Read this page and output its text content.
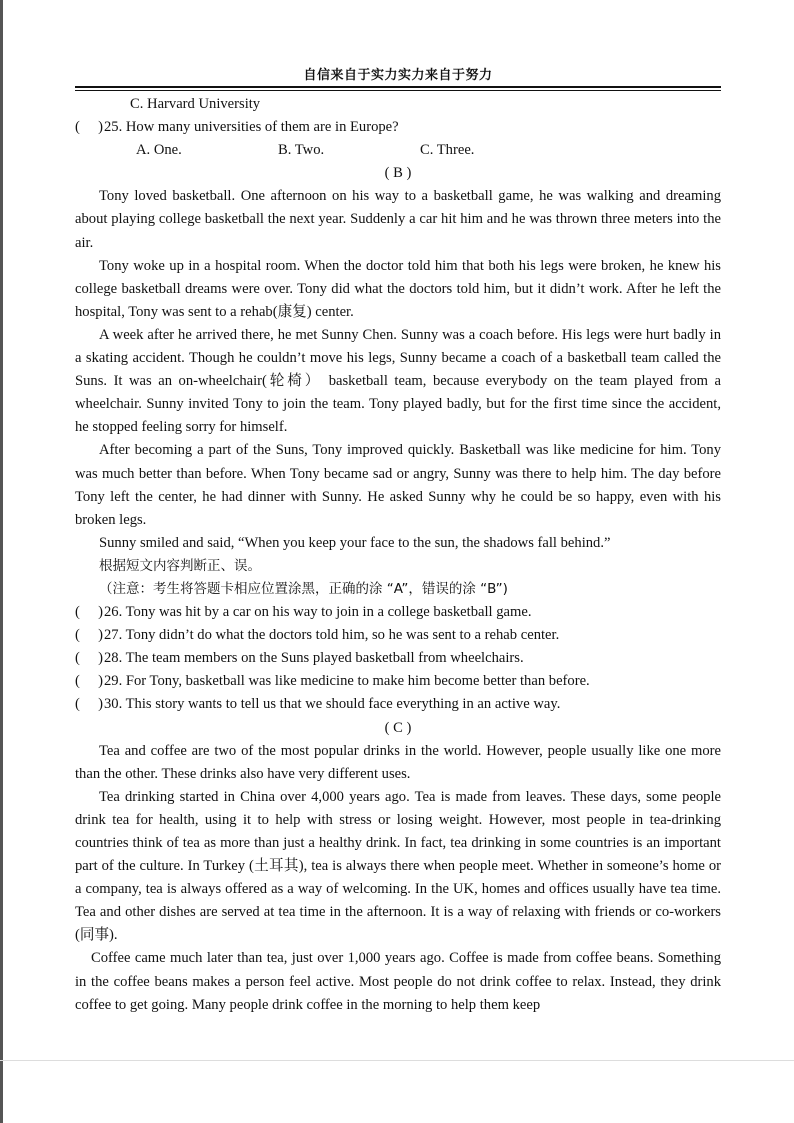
自信来自于实力实力来自于努力
C. Harvard University
( )25. How many universities of them are in Europe?
A. One.	B. Two.	C. Three.
( B )

Tony loved basketball. One afternoon on his way to a basketball game, he was walking and dreaming about playing college basketball the next year. Suddenly a car hit him and he was thrown three meters into the air.

Tony woke up in a hospital room. When the doctor told him that both his legs were broken, he knew his college basketball dreams were over. Tony did what the doctors told him, but it didn’t work. After he left the hospital, Tony was sent to a rehab(康复) center.

A week after he arrived there, he met Sunny Chen. Sunny was a coach before. His legs were hurt badly in a skating accident. Though he couldn’t move his legs, Sunny became a coach of a basketball team called the Suns. It was an on-wheelchair(轮椅） basketball team, because everybody on the team played from a wheelchair. Sunny invited Tony to join the team. Tony played badly, but for the first time since the accident, he stopped feeling sorry for himself.

After becoming a part of the Suns, Tony improved quickly. Basketball was like medicine for him. Tony was much better than before. When Tony became sad or angry, Sunny was there to help him. The day before Tony left the center, he had dinner with Sunny. He asked Sunny why he could be so happy, even with his broken legs.

Sunny smiled and said, “When you keep your face to the sun, the shadows fall behind.”

根据短文内容判断正、误。
（注意：考生将答题卡相应位置涂黑，正确的涂 “A”，错误的涂 “B”)
(     )26. Tony was hit by a car on his way to join in a college basketball game.
(     )27. Tony didn’t do what the doctors told him, so he was sent to a rehab center.
(     )28. The team members on the Suns played basketball from wheelchairs.
(     )29. For Tony, basketball was like medicine to make him become better than before.
(     )30. This story wants to tell us that we should face everything in an active way.
( C )

Tea and coffee are two of the most popular drinks in the world. However, people usually like one more than the other. These drinks also have very different uses.

Tea drinking started in China over 4,000 years ago. Tea is made from leaves. These days, some people drink tea for health, using it to help with stress or losing weight. However, most people in tea-drinking countries think of tea as more than just a healthy drink. In fact, tea drinking in some countries is an important part of the culture. In Turkey (土耳其), tea is always there when people meet. Whether in someone’s home or a company, tea is always offered as a way of welcoming. In the UK, homes and offices usually have tea time. Tea and other dishes are served at tea time in the afternoon. It is a way of relaxing with friends or co-workers (同事).

Coffee came much later than tea, just over 1,000 years ago. Coffee is made from coffee beans. Something in the coffee beans makes a person feel active. Most people do not drink coffee to relax. Instead, they drink coffee to get going. Many people drink coffee in the morning to help them keep
